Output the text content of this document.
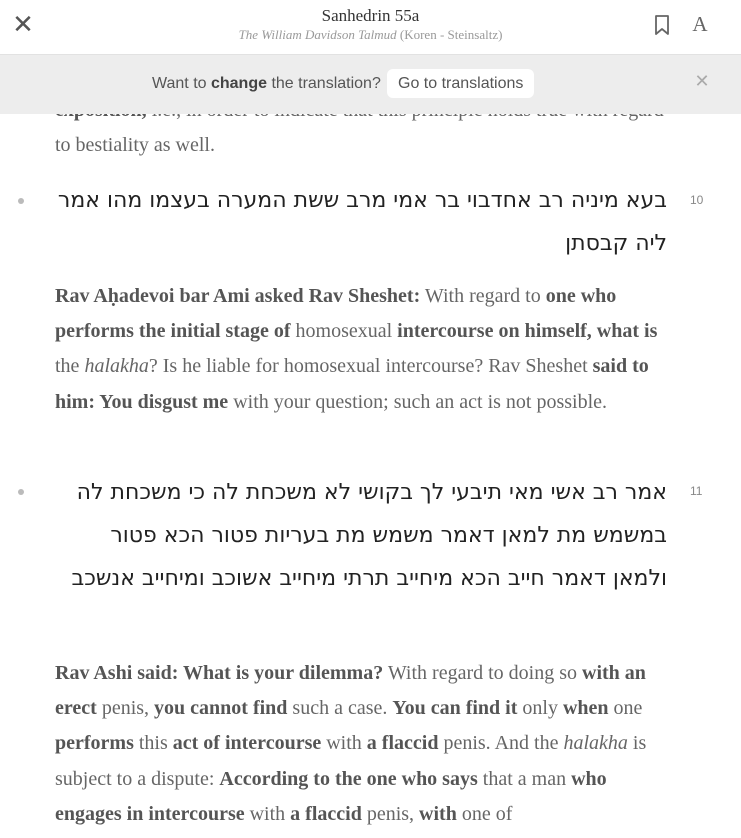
✕	Sanhedrin 55a
The William Davidson Talmud (Koren - Steinsaltz)	A
Want to change the translation?	Go to translations	✕
to bestiality as well.
10
בעא מיניה רב אחדבוי בר אמי מרב ששת המערה בעצמו מהו אמר ליה קבסתן
Rav Aḥadevoi bar Ami asked Rav Sheshet: With regard to one who performs the initial stage of homosexual intercourse on himself, what is the halakha? Is he liable for homosexual intercourse? Rav Sheshet said to him: You disgust me with your question; such an act is not possible.
11
אמר רב אשי מאי תיבעי לך בקושי לא משכחת לה כי משכחת לה במשמש מת למאן דאמר משמש מת בעריות פטור הכא פטור ולמאן דאמר חייב הכא מיחייב תרתי מיחייב אשוכב ומיחייב אנשכב
Rav Ashi said: What is your dilemma? With regard to doing so with an erect penis, you cannot find such a case. You can find it only when one performs this act of intercourse with a flaccid penis. And the halakha is subject to a dispute: According to the one who says that a man who engages in intercourse with a flaccid penis, with one of
